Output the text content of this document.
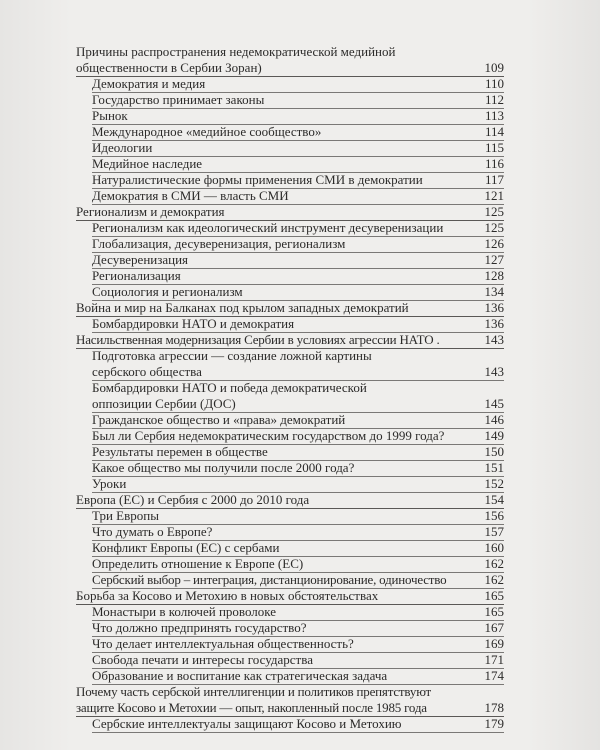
Причины распространения недемократической медийной
общественности в Сербии Зоран)	109
Демократия и медия	110
Государство принимает законы	112
Рынок	113
Международное «медийное сообщество»	114
Идеологии	115
Медийное наследие	116
Натуралистические формы применения СМИ в демократии	117
Демократия в СМИ — власть СМИ	121
Регионализм и демократия	125
Регионализм как идеологический инструмент десуверенизации	125
Глобализация, десуверенизация, регионализм	126
Десуверенизация	127
Регионализация	128
Социология и регионализм	134
Война и мир на Балканах под крылом западных демократий	136
Бомбардировки НАТО и демократия	136
Насильственная модернизация Сербии в условиях агрессии НАТО .	143
Подготовка агрессии — создание ложной картины
сербского общества	143
Бомбардировки НАТО и победа демократической
оппозиции Сербии (ДОС)	145
Гражданское общество и «права» демократий	146
Был ли Сербия недемократическим государством до 1999 года?	149
Результаты перемен в обществе	150
Какое общество мы получили после 2000 года?	151
Уроки	152
Европа (ЕС) и Сербия с 2000 до 2010 года	154
Три Европы	156
Что думать о Европе?	157
Конфликт Европы (ЕС) с сербами	160
Определить отношение к Европе (ЕС)	162
Сербский выбор – интеграция, дистанционирование, одиночество	162
Борьба за Косово и Метохию в новых обстоятельствах	165
Монастыри в колючей проволоке	165
Что должно предпринять государство?	167
Что делает интеллектуальная общественность?	169
Свобода печати и интересы государства	171
Образование и воспитание как стратегическая задача	174
Почему часть сербской интеллигенции и политиков препятствуют
защите Косово и Метохии — опыт, накопленный после 1985 года	178
Сербские интеллектуалы защищают Косово и Метохию	179
